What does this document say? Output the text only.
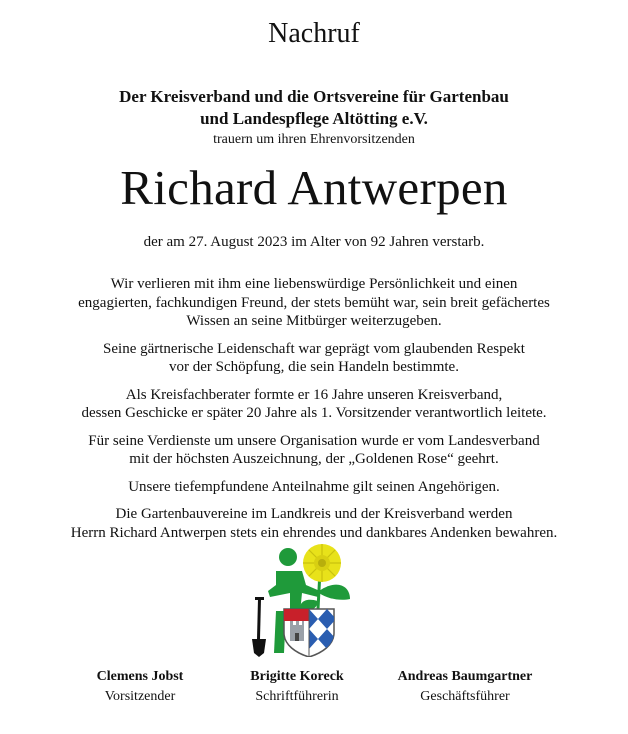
Nachruf
Der Kreisverband und die Ortsvereine für Gartenbau
und Landespflege Altötting e.V.
trauern um ihren Ehrenvorsitzenden
Richard Antwerpen
der am 27. August 2023 im Alter von 92 Jahren verstarb.

Wir verlieren mit ihm eine liebenswürdige Persönlichkeit und einen
engagierten, fachkundigen Freund, der stets bemüht war, sein breit gefächertes
Wissen an seine Mitbürger weiterzugeben.

Seine gärtnerische Leidenschaft war geprägt vom glaubenden Respekt
vor der Schöpfung, die sein Handeln bestimmte.

Als Kreisfachberater formte er 16 Jahre unseren Kreisverband,
dessen Geschicke er später 20 Jahre als 1. Vorsitzender verantwortlich leitete.

Für seine Verdienste um unsere Organisation wurde er vom Landesverband
mit der höchsten Auszeichnung, der „Goldenen Rose“ geehrt.

Unsere tiefempfundene Anteilnahme gilt seinen Angehörigen.

Die Gartenbauvereine im Landkreis und der Kreisverband werden
Herrn Richard Antwerpen stets ein ehrendes und dankbares Andenken bewahren.

Clemens Jobst
Vorsitzender
Brigitte Koreck
Schriftführerin
Andreas Baumgartner
Geschäftsführer
